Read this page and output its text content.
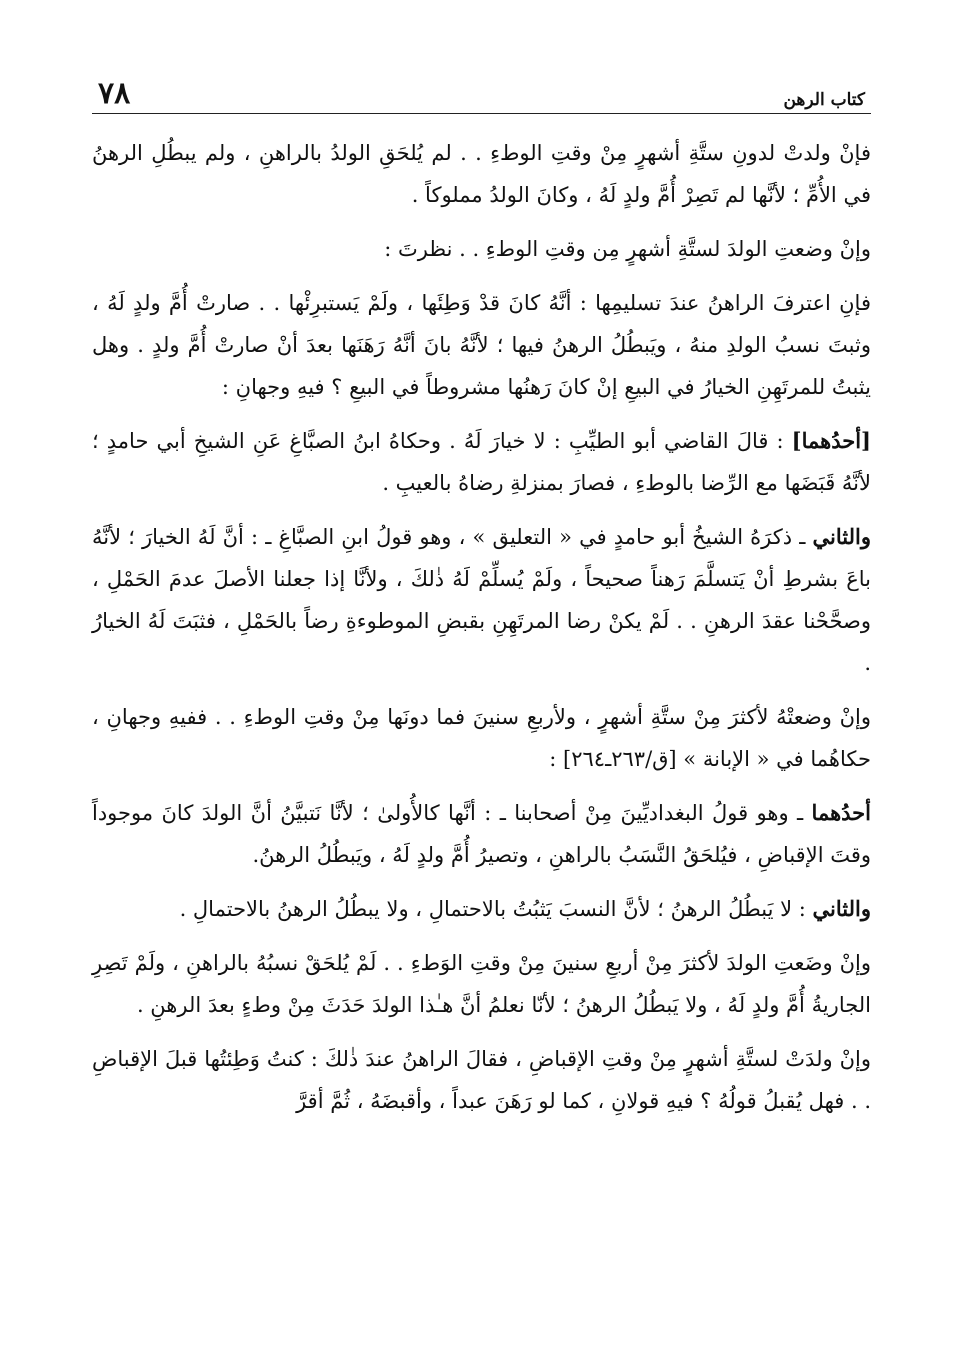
٧٨	كتاب الرهن

فإنْ ولدتْ لدونِ ستَّةِ أشهرٍ مِنْ وقتِ الوطءِ . . لم يُلحَقِ الولدُ بالراهنِ ، ولم يبطُلِ الرهنُ في الأُمِّ ؛ لأنَّها لم تَصِرْ أُمَّ ولدٍ لَهُ ، وكانَ الولدُ مملوكاً .

وإنْ وضعتِ الولدَ لستَّةِ أشهرٍ مِن وقتِ الوطءِ . . نظرتَ :

فإنِ اعترفَ الراهنُ عندَ تسليمِها : أنَّهُ كانَ قدْ وَطِئَها ، ولَمْ يَستبرِئْها . . صارتْ أُمَّ ولدٍ لَهُ ، وثبتَ نسبُ الولدِ منهُ ، ويَبطُلُ الرهنُ فيها ؛ لأنَّهُ بانَ أنَّهُ رَهَنَها بعدَ أنْ صارتْ أُمَّ ولدٍ . وهل يثبتُ للمرتَهِنِ الخيارُ في البيعِ إنْ كانَ رَهنُها مشروطاً في البيعِ ؟ فيهِ وجهانِ :

[أحدُهما] : قالَ القاضي أبو الطيِّبِ : لا خيارَ لَهُ . وحكاهُ ابنُ الصبَّاغِ عَنِ الشيخِ أبي حامدٍ ؛ لأنَّهُ قَبَضَها مع الرِّضا بالوطءِ ، فصارَ بمنزلةِ رضاهُ بالعيبِ .

والثاني ـ ذكرَهُ الشيخُ أبو حامدٍ في « التعليق » ، وهو قولُ ابنِ الصبَّاغِ ـ : أنَّ لَهُ الخيارَ ؛ لأنَّهُ باعَ بشرطِ أنْ يَتسلَّمَ رَهناً صحيحاً ، ولَمْ يُسلِّمْ لَهُ ذٰلكَ ، ولأنَّا إذا جعلنا الأصلَ عدمَ الحَمْلِ ، وصحَّحْنا عقدَ الرهنِ . . لَمْ يكنْ رضا المرتَهِنِ بقبضِ الموطوءةِ رضاً بالحَمْلِ ، فثبَتَ لَهُ الخيارُ .

وإنْ وضعتْهُ لأكثرَ مِنْ ستَّةِ أشهرٍ ، ولأربعِ سنينَ فما دونَها مِنْ وقتِ الوطءِ . . ففيهِ وجهانِ ، حكاهُما في « الإبانة » [ق/٢٦٣ـ٢٦٤] :

أحدُهما ـ وهو قولُ البغداديِّينَ مِنْ أصحابنا ـ : أنَّها كالأُولىٰ ؛ لأنَّا نَتبيَّنُ أنَّ الولدَ كانَ موجوداً وقتَ الإقباضِ ، فيُلحَقُ النَّسَبُ بالراهنِ ، وتصيرُ أُمَّ ولدٍ لَهُ ، ويَبطُلُ الرهنُ.

والثاني : لا يَبطُلُ الرهنُ ؛ لأنَّ النسبَ يَثبُتُ بالاحتمالِ ، ولا يبطُلُ الرهنُ بالاحتمالِ .

وإنْ وضَعتِ الولدَ لأكثرَ مِنْ أربعِ سنينَ مِنْ وقتِ الوَطءِ . . لَمْ يُلحَقْ نسبُهُ بالراهنِ ، ولَمْ تَصِرِ الجاريةُ أُمَّ ولدٍ لَهُ ، ولا يَبطُلُ الرهنُ ؛ لأنّا نعلمُ أنَّ هـٰذا الولدَ حَدَثَ مِنْ وطءٍ بعدَ الرهنِ .

وإنْ ولدَتْ لستَّةِ أشهرٍ مِنْ وقتِ الإقباضِ ، فقالَ الراهنُ عندَ ذٰلكَ : كنتُ وَطِئتُها قبلَ الإقباضِ . . فهل يُقبلُ قولُهُ ؟ فيهِ قولانِ ، كما لو رَهَنَ عبداً ، وأقبضَهُ ، ثُمَّ أقرَّ
